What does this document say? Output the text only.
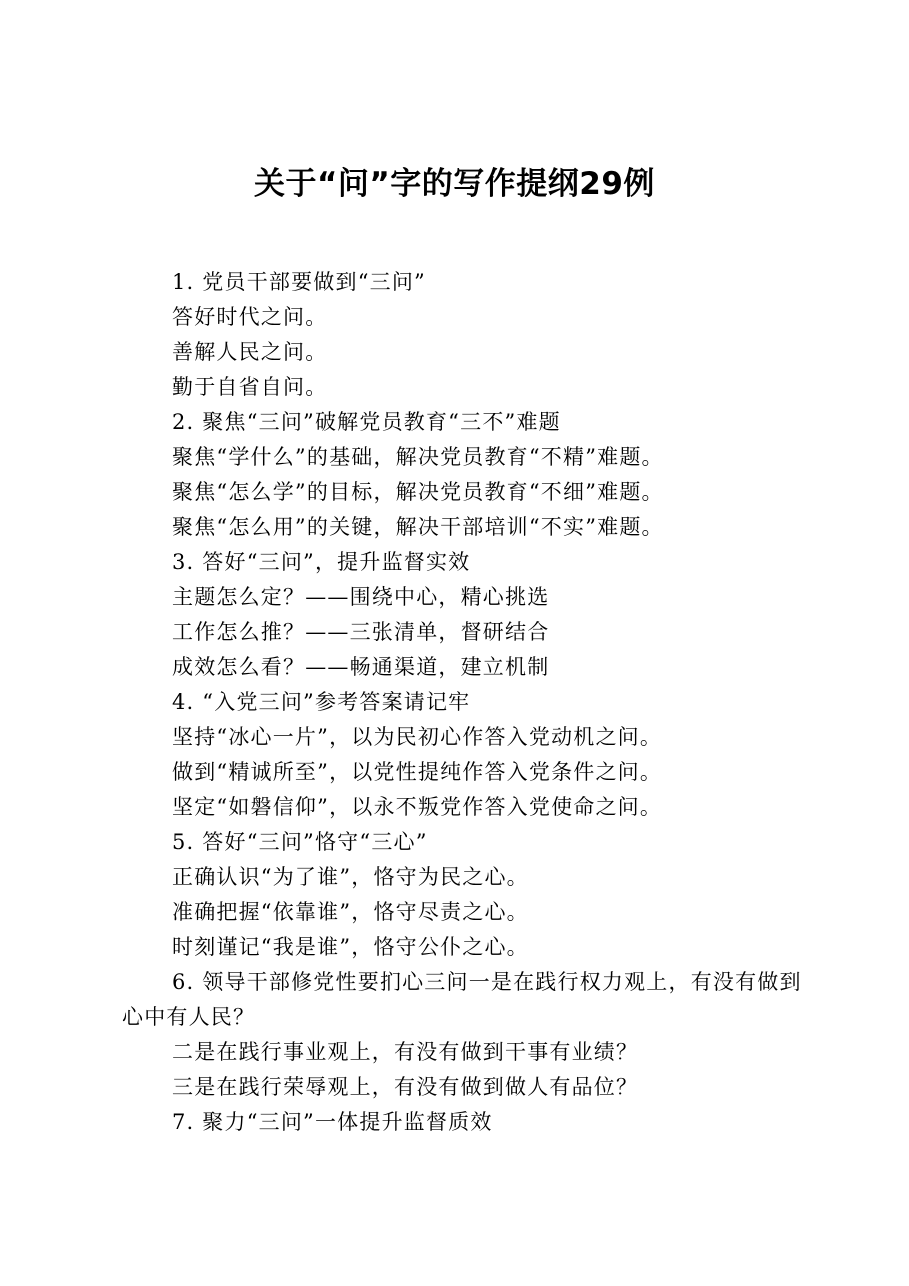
关于“问”字的写作提纲29例
1. 党员干部要做到“三问”
答好时代之问。
善解人民之问。
勤于自省自问。
2. 聚焦“三问”破解党员教育“三不”难题
聚焦“学什么”的基础，解决党员教育“不精”难题。
聚焦“怎么学”的目标，解决党员教育“不细”难题。
聚焦“怎么用”的关键，解决干部培训“不实”难题。
3. 答好“三问”，提升监督实效
主题怎么定？——围绕中心，精心挑选
工作怎么推？——三张清单，督研结合
成效怎么看？——畅通渠道，建立机制
4. “入党三问”参考答案请记牢
坚持“冰心一片”，以为民初心作答入党动机之问。
做到“精诚所至”，以党性提纯作答入党条件之问。
坚定“如磐信仰”，以永不叛党作答入党使命之问。
5. 答好“三问”恪守“三心”
正确认识“为了谁”，恪守为民之心。
准确把握“依靠谁”，恪守尽责之心。
时刻谨记“我是谁”，恪守公仆之心。
6. 领导干部修党性要扪心三问一是在践行权力观上，有没有做到心中有人民？
二是在践行事业观上，有没有做到干事有业绩？
三是在践行荣辱观上，有没有做到做人有品位？
7. 聚力“三问”一体提升监督质效
